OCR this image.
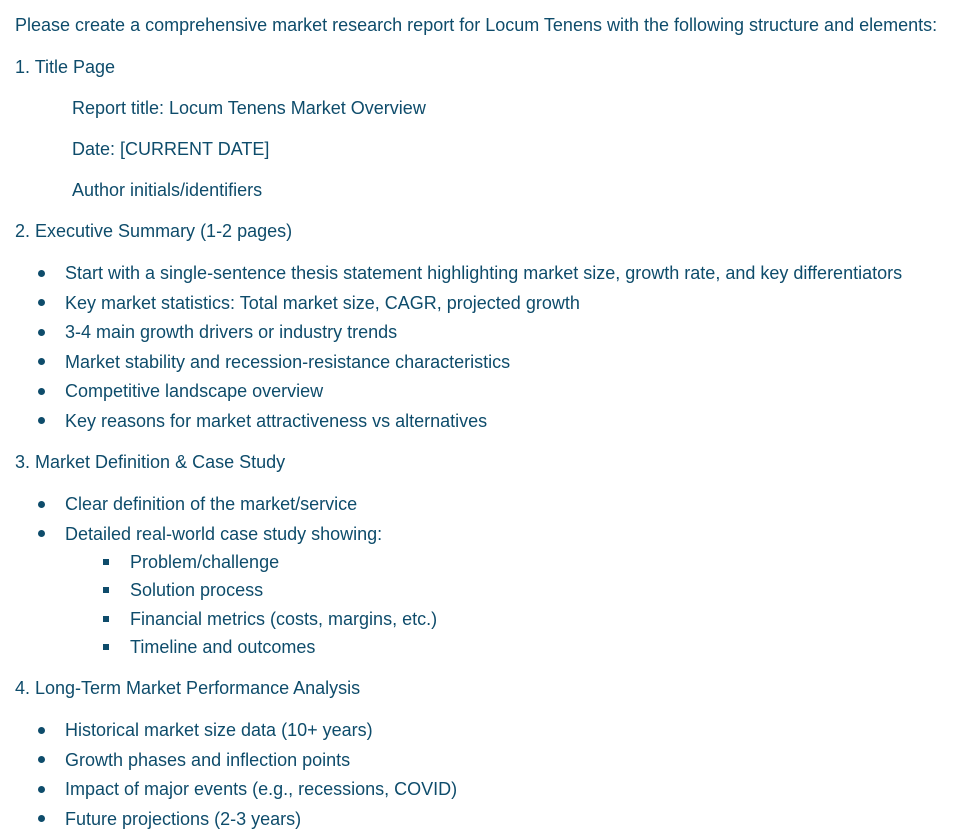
Please create a comprehensive market research report for Locum Tenens with the following structure and elements:
1. Title Page
Report title: Locum Tenens Market Overview
Date: [CURRENT DATE]
Author initials/identifiers
2. Executive Summary (1-2 pages)
Start with a single-sentence thesis statement highlighting market size, growth rate, and key differentiators
Key market statistics: Total market size, CAGR, projected growth
3-4 main growth drivers or industry trends
Market stability and recession-resistance characteristics
Competitive landscape overview
Key reasons for market attractiveness vs alternatives
3. Market Definition & Case Study
Clear definition of the market/service
Detailed real-world case study showing:
Problem/challenge
Solution process
Financial metrics (costs, margins, etc.)
Timeline and outcomes
4. Long-Term Market Performance Analysis
Historical market size data (10+ years)
Growth phases and inflection points
Impact of major events (e.g., recessions, COVID)
Future projections (2-3 years)
